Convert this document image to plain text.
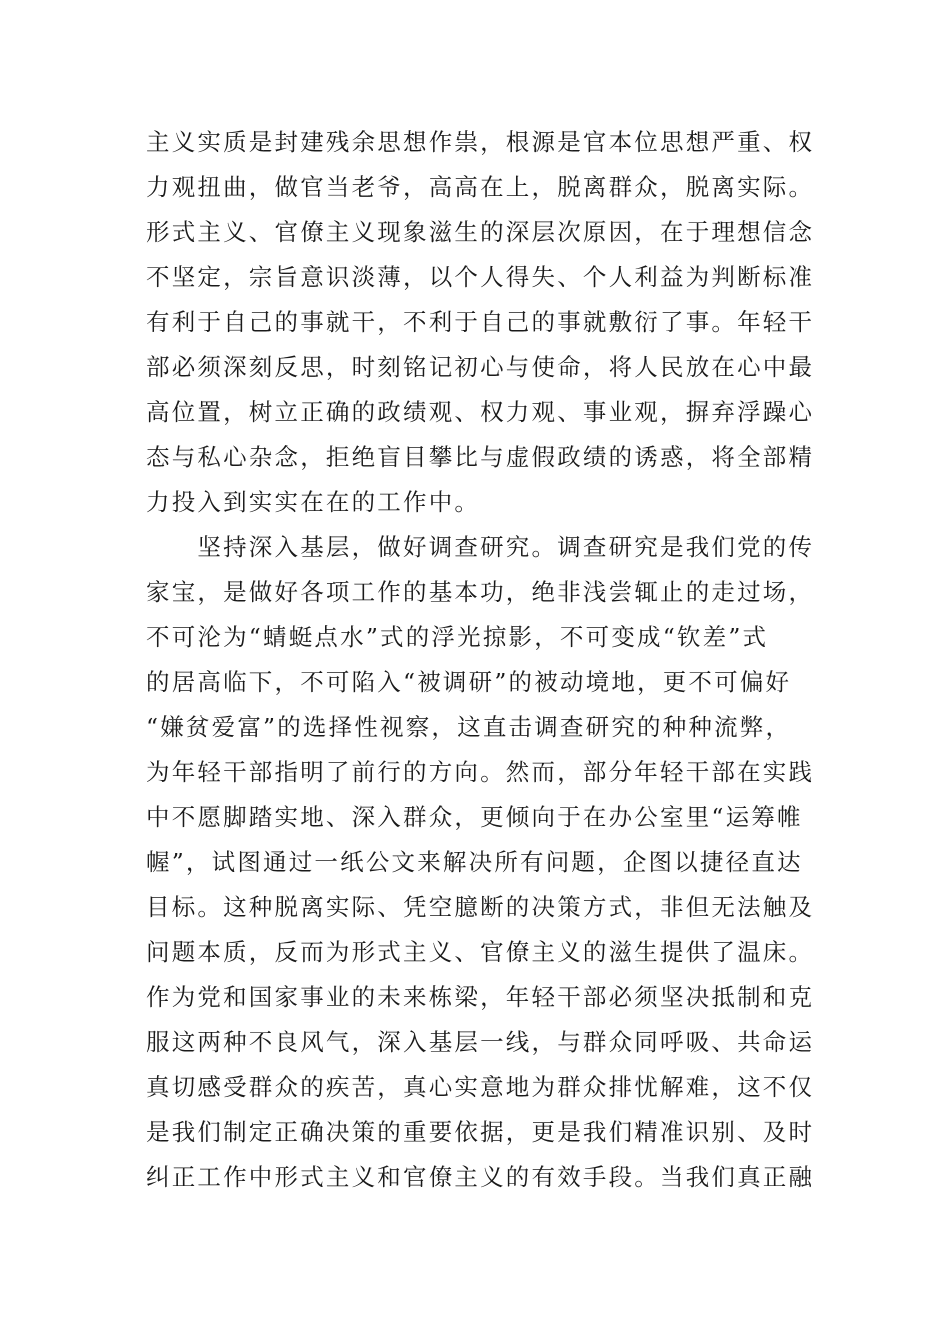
主义实质是封建残余思想作祟，根源是官本位思想严重、权
力观扭曲，做官当老爷，高高在上，脱离群众，脱离实际。
形式主义、官僚主义现象滋生的深层次原因，在于理想信念
不坚定，宗旨意识淡薄，以个人得失、个人利益为判断标准
有利于自己的事就干，不利于自己的事就敷衍了事。年轻干
部必须深刻反思，时刻铭记初心与使命，将人民放在心中最
高位置，树立正确的政绩观、权力观、事业观，摒弃浮躁心
态与私心杂念，拒绝盲目攀比与虚假政绩的诱惑，将全部精
力投入到实实在在的工作中。
　　坚持深入基层，做好调查研究。调查研究是我们党的传
家宝，是做好各项工作的基本功，绝非浅尝辄止的走过场，
不可沦为“蜻蜓点水”式的浮光掠影，不可变成“钦差”式
的居高临下，不可陷入“被调研”的被动境地，更不可偏好
“嫌贫爱富”的选择性视察，这直击调查研究的种种流弊，
为年轻干部指明了前行的方向。然而，部分年轻干部在实践
中不愿脚踏实地、深入群众，更倾向于在办公室里“运筹帷
幄”，试图通过一纸公文来解决所有问题，企图以捷径直达
目标。这种脱离实际、凭空臆断的决策方式，非但无法触及
问题本质，反而为形式主义、官僚主义的滋生提供了温床。
作为党和国家事业的未来栋梁，年轻干部必须坚决抵制和克
服这两种不良风气，深入基层一线，与群众同呼吸、共命运
真切感受群众的疾苦，真心实意地为群众排忧解难，这不仅
是我们制定正确决策的重要依据，更是我们精准识别、及时
纠正工作中形式主义和官僚主义的有效手段。当我们真正融
